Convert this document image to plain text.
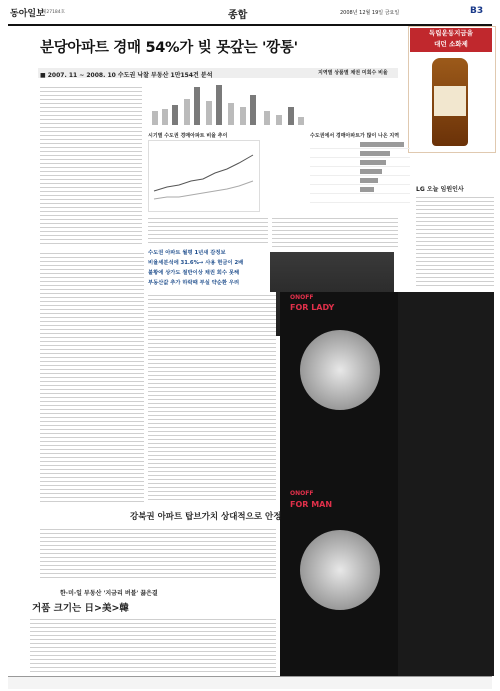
동아일보
제27184호	종합	2008년 12월 19일 금요일	B3
분당아파트 경매 54%가 빚 못갚는 '깡통'
독립운동지금을
대던 소화제
■ 2007. 11 ~ 2008. 10 수도권 낙찰 부동산 1만154건 분석	지역별 상품별 채권 미회수 비율
시기별 수도권 경매아파트 비율 추이	수도권에서 경매아파트가 많이 나온 지역
LG 오늘 임원인사
수도권 아파트 월평 1년새 감정보
비율세분석에 31.6%→ 사용 현금이 2배
불황에 상가도 절반이상 채권 회수 못해
부동산값 추가 하락때 부실 약순환 우려
FOR LADY
FOR MAN
ONOFF
ONOFF
강북권 아파트 탑브가치 상대적으로 안정
한·미·일 부동산 '지금리 버블' 끓은결
거품 크기는 日>美>韓
